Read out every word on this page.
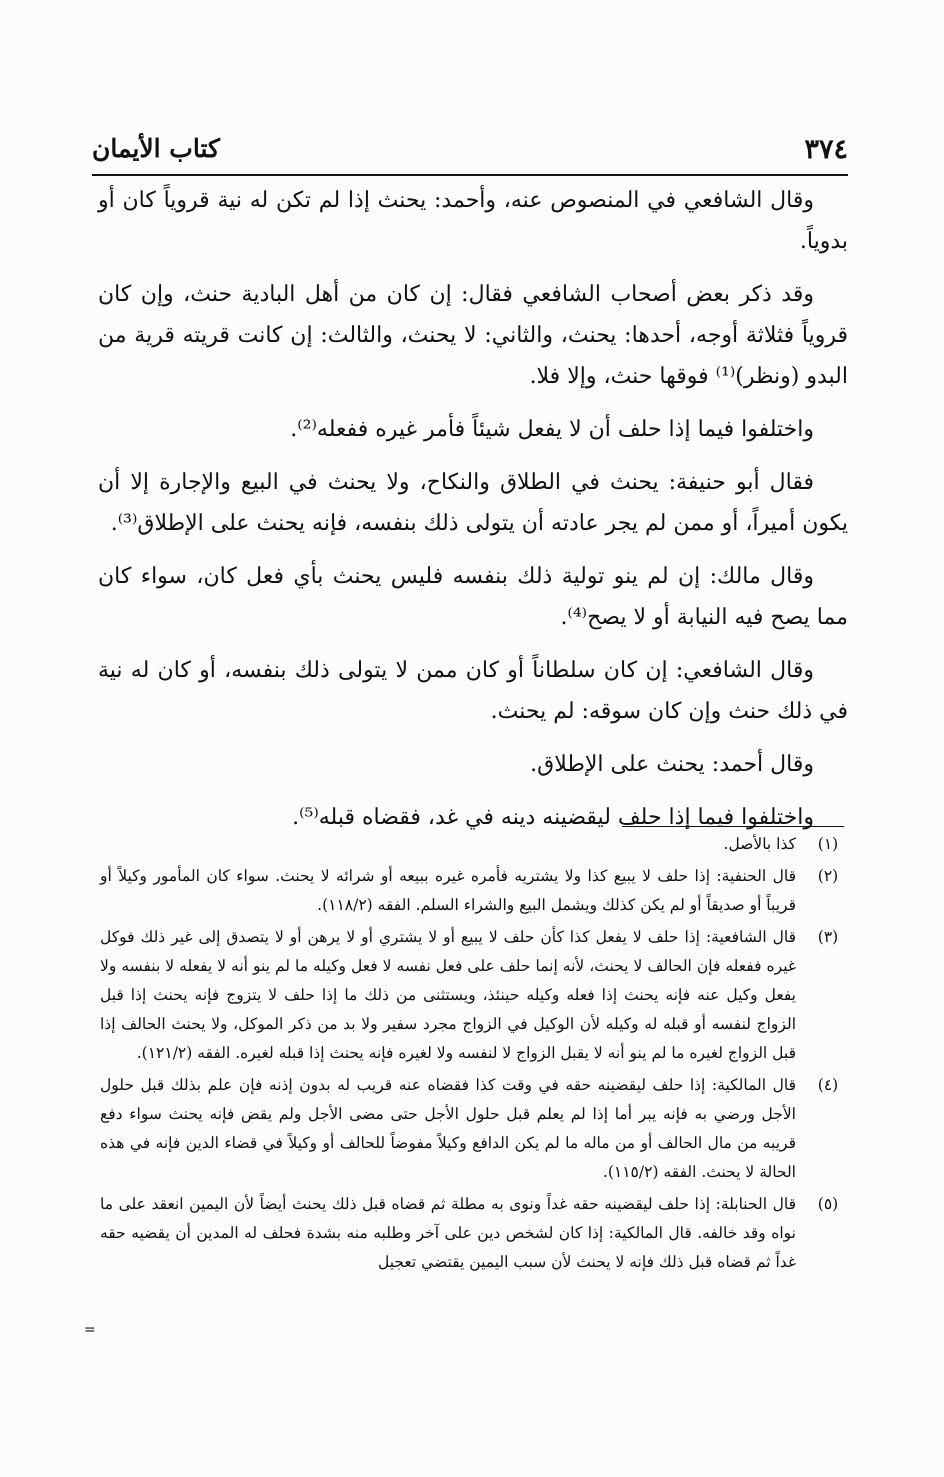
٣٧٤
كتاب الأيمان

وقال الشافعي في المنصوص عنه، وأحمد: يحنث إذا لم تكن له نية قروياً كان أو بدوياً.

وقد ذكر بعض أصحاب الشافعي فقال: إن كان من أهل البادية حنث، وإن كان قروياً فثلاثة أوجه، أحدها: يحنث، والثاني: لا يحنث، والثالث: إن كانت قريته قرية من البدو (ونظر)⁽¹⁾ فوقها حنث، وإلا فلا.

واختلفوا فيما إذا حلف أن لا يفعل شيئاً فأمر غيره ففعله⁽²⁾.

فقال أبو حنيفة: يحنث في الطلاق والنكاح، ولا يحنث في البيع والإجارة إلا أن يكون أميراً، أو ممن لم يجر عادته أن يتولى ذلك بنفسه، فإنه يحنث على الإطلاق⁽³⁾.

وقال مالك: إن لم ينو تولية ذلك بنفسه فليس يحنث بأي فعل كان، سواء كان مما يصح فيه النيابة أو لا يصح⁽⁴⁾.

وقال الشافعي: إن كان سلطاناً أو كان ممن لا يتولى ذلك بنفسه، أو كان له نية في ذلك حنث وإن كان سوقه: لم يحنث.

وقال أحمد: يحنث على الإطلاق.

واختلفوا فيما إذا حلف ليقضينه دينه في غد، فقضاه قبله⁽⁵⁾.

(١)
كذا بالأصل.
(٢)
قال الحنفية: إذا حلف لا يبيع كذا ولا يشتريه فأمره غيره ببيعه أو شرائه لا يحنث. سواء كان المأمور وكيلاً أو قريباً أو صديقاً أو لم يكن كذلك ويشمل البيع والشراء السلم. الفقه (١١٨/٢).
(٣)
قال الشافعية: إذا حلف لا يفعل كذا كأن حلف لا يبيع أو لا يشتري أو لا يرهن أو لا يتصدق إلى غير ذلك فوكل غيره ففعله فإن الحالف لا يحنث، لأنه إنما حلف على فعل نفسه لا فعل وكيله ما لم ينو أنه لا يفعله لا بنفسه ولا يفعل وكيل عنه فإنه يحنث إذا فعله وكيله حينئذ، ويستثنى من ذلك ما إذا حلف لا يتزوج فإنه يحنث إذا قبل الزواج لنفسه أو قبله له وكيله لأن الوكيل في الزواج مجرد سفير ولا بد من ذكر الموكل، ولا يحنث الحالف إذا قبل الزواج لغيره ما لم ينو أنه لا يقبل الزواج لا لنفسه ولا لغيره فإنه يحنث إذا قبله لغيره. الفقه (١٢١/٢).
(٤)
قال المالكية: إذا حلف ليقضينه حقه في وقت كذا فقضاه عنه قريب له بدون إذنه فإن علم بذلك قبل حلول الأجل ورضي به فإنه يبر أما إذا لم يعلم قبل حلول الأجل حتى مضى الأجل ولم يقض فإنه يحنث سواء دفع قريبه من مال الحالف أو من ماله ما لم يكن الدافع وكيلاً مفوضاً للحالف أو وكيلاً في قضاء الدين فإنه في هذه الحالة لا يحنث. الفقه (١١٥/٢).
(٥)
قال الحنابلة: إذا حلف ليقضينه حقه غداً ونوى به مطلة ثم قضاه قبل ذلك يحنث أيضاً لأن اليمين انعقد على ما نواه وقد خالفه. قال المالكية: إذا كان لشخص دين على آخر وطلبه منه بشدة فحلف له المدين أن يقضيه حقه غداً ثم قضاه قبل ذلك فإنه لا يحنث لأن سبب اليمين يقتضي تعجيل
=
